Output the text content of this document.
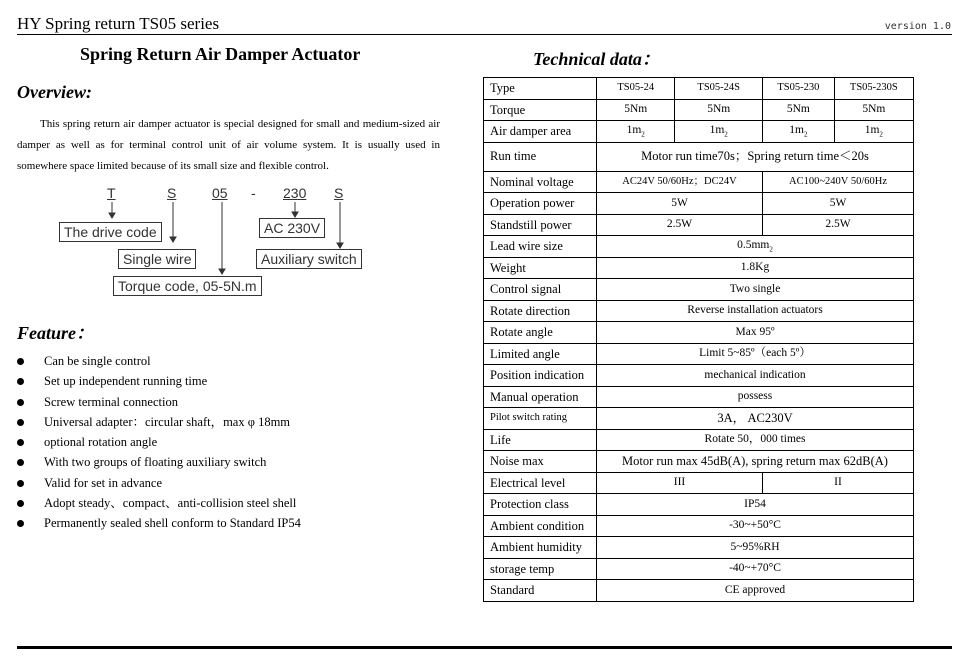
HY Spring return TS05 series	version 1.0
Spring Return Air Damper Actuator
Overview:

This spring return air damper actuator is special designed for small and medium-sized air damper as well as for terminal control unit of air volume system. It is usually used in somewhere space limited because of its small size and flexible control.

T	S	05 - 230 S
The drive code	AC 230V
Single wire	Auxiliary switch
Torque code, 05-5N.m
Feature：
Can be single control
Set up independent running time
Screw terminal connection
Universal adapter：circular shaft，max φ 18mm
optional rotation angle
With two groups of floating auxiliary switch
Valid for set in advance
Adopt steady、compact、anti-collision steel shell
Permanently sealed shell conform to Standard IP54
Technical data：
Type	TS05-24	TS05-24S	TS05-230	TS05-230S
Torque	5Nm	5Nm	5Nm	5Nm
Air damper area	$1m_2$	$1m_2$	$1m_2$	$1m_2$
Run time	Motor run time70s；Spring return time＜20s			
Nominal voltage	AC24V 50/60Hz；DC24V		AC100~240V 50/60Hz	
Operation power	5W		5W	
Standstill power	2.5W		2.5W	
Lead wire size	$0.5mm_2$
Weight	1.8Kg			
Control signal	Two single			
Rotate direction	Reverse installation actuators			
Rotate angle	Max 95º			
Limited angle	Limit 5~85º（each 5º）			
Position indication	mechanical indication			
Manual operation	possess			
Pilot switch rating	3A， AC230V			
Life	Rotate 50，000 times			
Noise max	Motor run max 45dB(A), spring return max 62dB(A)			
Electrical level	III		II	
Protection class	IP54			
Ambient condition	-30~+50°C			
Ambient humidity	5~95%RH			
storage temp	-40~+70°C			
Standard	CE approved			
